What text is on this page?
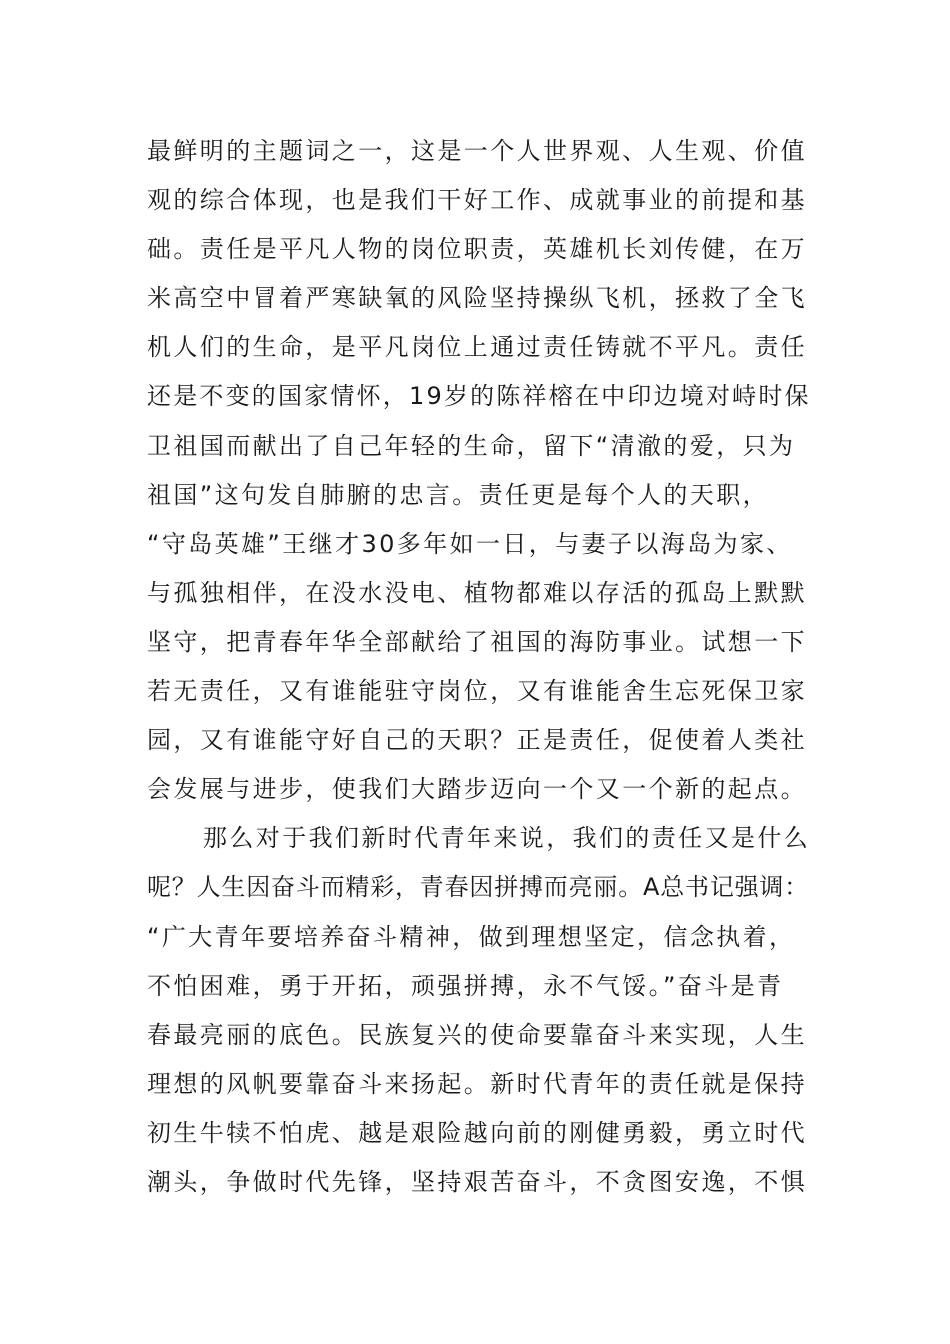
最鲜明的主题词之一，这是一个人世界观、人生观、价值
观的综合体现，也是我们干好工作、成就事业的前提和基
础。责任是平凡人物的岗位职责，英雄机长刘传健，在万
米高空中冒着严寒缺氧的风险坚持操纵飞机，拯救了全飞
机人们的生命，是平凡岗位上通过责任铸就不平凡。责任
还是不变的国家情怀，19岁的陈祥榕在中印边境对峙时保
卫祖国而献出了自己年轻的生命，留下“清澈的爱，只为
祖国”这句发自肺腑的忠言。责任更是每个人的天职，
“守岛英雄”王继才30多年如一日，与妻子以海岛为家、
与孤独相伴，在没水没电、植物都难以存活的孤岛上默默
坚守，把青春年华全部献给了祖国的海防事业。试想一下
若无责任，又有谁能驻守岗位，又有谁能舍生忘死保卫家
园，又有谁能守好自己的天职？正是责任，促使着人类社
会发展与进步，使我们大踏步迈向一个又一个新的起点。
那么对于我们新时代青年来说，我们的责任又是什么
呢？人生因奋斗而精彩，青春因拼搏而亮丽。A总书记强调：
“广大青年要培养奋斗精神，做到理想坚定，信念执着，
不怕困难，勇于开拓，顽强拼搏，永不气馁。”奋斗是青
春最亮丽的底色。民族复兴的使命要靠奋斗来实现，人生
理想的风帆要靠奋斗来扬起。新时代青年的责任就是保持
初生牛犊不怕虎、越是艰险越向前的刚健勇毅，勇立时代
潮头，争做时代先锋，坚持艰苦奋斗，不贪图安逸，不惧
